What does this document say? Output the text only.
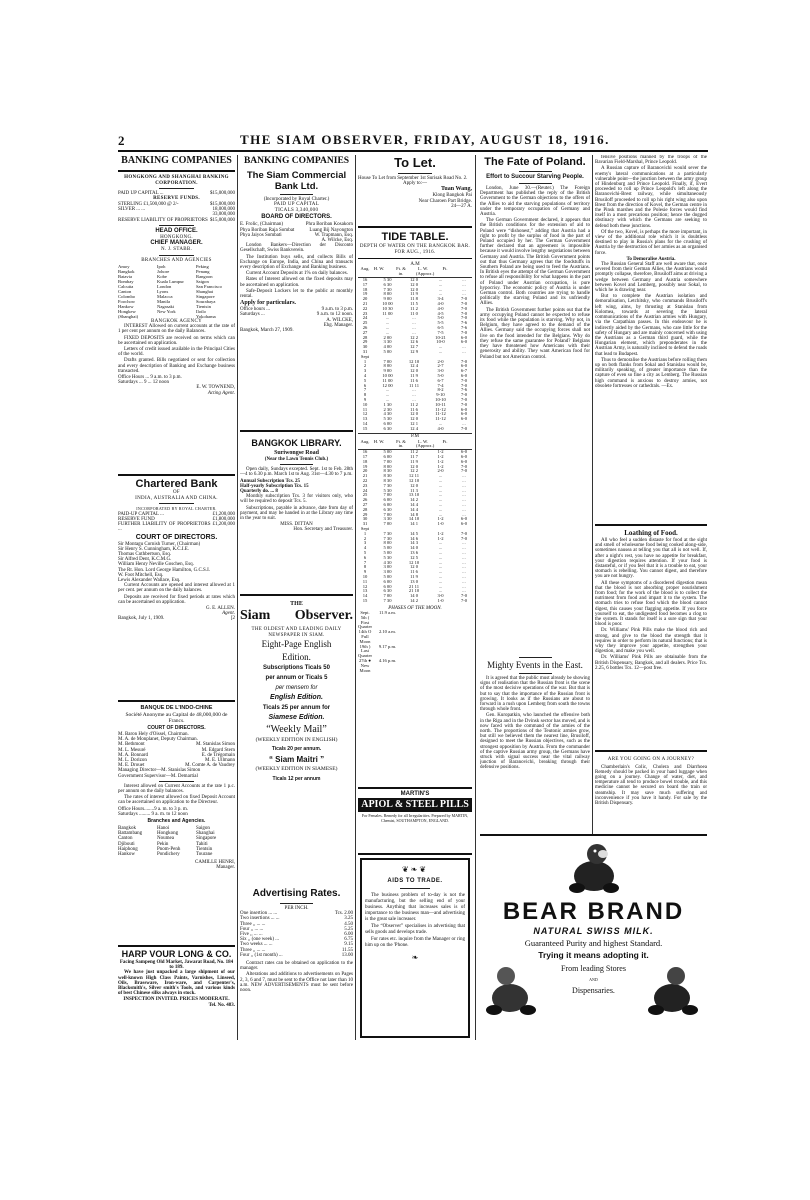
2	THE SIAM OBSERVER, FRIDAY, AUGUST 18, 1916.
BANKING COMPANIES
HONGKONG AND SHANGHAI BANKING CORPORATION.
PAID UP CAPITAL ...	$15,000,000
RESERVE FUNDS.
STERLING £1,500,000 @ 2/-	$15,000,000
SILVER ... ...	18,000,000
33,000,000
RESERVE LIABILITY OF PROPRIETORS $15,000,000
HEAD OFFICE.
HONGKONG.
CHIEF MANAGER.
N. J. STABB.
BRANCHES AND AGENCIES
Amoy	Ipoh	Peking
Bangkok	Johore	Penang
Batavia	Kobe	Rangoon
Bombay	Kuala Lumpur	Saigon
Calcutta	London	San Francisco
Canton	Lyons	Shanghai
Colombo	Malacca	Singapore
Foochow	Manila	Sourabaya
Hankow	Nagasaki	Tientsin
Hongkew	New York	Iloilo
(Shanghai)	Yokohama
BANGKOK AGENCY
INTEREST Allowed on current accounts at the rate of 1 per cent per annum on the daily Balances.
FIXED DEPOSITS are received on terms which can be ascertained on application.
Letters of credit issued available in the Principal Cities of the world.
Drafts granted. Bills negotiated or sent for collection and every description of Banking and Exchange business transacted.
Office Hours ... 9 a.m. to 3 p.m.
Saturdays ... 9 ... 12 noon
E. W. TOWNEND,
Acting Agent.
Chartered Bank
OF
INDIA, AUSTRALIA AND CHINA.
INCORPORATED BY ROYAL CHARTER.
PAID-UP CAPITAL ...	£1,200,000
RESERVE FUND	£1,800,000
FURTHER LIABILITY OF PROPRIETORS ...
£1,200,000
COURT OF DIRECTORS.
Sir Montagu Cornish Turner, (Chairman)
Sir Henry S. Cunningham, K.C.I.E.
Thomas Cuthbertson, Esq.
Sir Alfred Dent, K.C.M.G.
William Henry Neville Goschen, Esq.
The Rt. Hon. Lord George Hamilton, G.C.S.I.
W. Foot Mitchell, Esq.
Lewis Alexander Wallace, Esq.
Current Accounts are opened and interest allowed at 1 per cent. per annum on the daily balances.
Deposits are received for fixed periods at rates which can be ascertained on application.
G. E. ALLEN.
Agent.
Bangkok, July 1, 1909.	[2
BANQUE DE L'INDO-CHINE
Société Anonyme au Capital de 48,000,000 de Francs.
COURT OF DIRECTORS.
M. Baron Hely d'Oissel, Chairman.
M. A. de Monplanet, Deputy Chairman.
M. Bethmont	M. Stanislas Simon
M. L. Mesuré	M. Edgard Stern
M. A. Bonnard	E. de Trégomain
M. L. Dorizon	M. E. Ullmann
M. E. Drouet	M. Comte A. de Vaudrey
Managing Director—M. Stanislas Simon
Government Supervisor—M. Demartial
Interest allowed on Current Accounts at the rate 1 p.c. per annum on the daily balances.
The rates of interest allowed on fixed Deposit Account can be ascertained on application to the Directeur.
Office Hours........9 a. m. to 3 p. m.
Saturdays ......... 9 a. m. to 12 noon
Branches and Agencies.
Bangkok	Hanoi	Saigon
Battambang	Hongkong	Shanghai
Canton	Noumea	Singapore
Djibouti	Pekin	Tahiti
Haiphong	Pnom-Penh	Tientsin
Hankow	Pondichery	Tourane
CAMILLE HENRI,
Manager.
HARP VOUR LONG & CO.
Facing Sampeng Old Market, Jawarat Road, No. 184 to 189.
We have just unpacked a large shipment of our well-known High Class Paints, Varnishes, Linseed, Oils, Brassware, Iron-ware, and Carpenter's, Blacksmith's, Silver smith's Tools, and various kinds of best Chinese silks always in stock.
INSPECTION INVITED. PRICES MODERATE.
Tel. No. 483.
BANKING COMPANIES
The Siam Commercial Bank Ltd.
(Incorporated by Royal Charter.)
PAID UP CAPITAL
TICALS 3,340,000
BOARD OF DIRECTORS.
E. Frolic, (Chairman)	Phra Boriban Kosakorn
Phya Boriban Raja Sombat	Luang Bij Nayongton
Phya Jaiyos Sombati	W. Trapmann, Esq.
A. Wilcke, Esq.
London Bankers—Direction der Disconto Gesellschaft, Swiss Bankverein.
The Institution buys sells, and collects Bills of Exchange on Europe, India, and China and transacts every description of Exchange and Banking business.
Current Account Deposits at 1% on daily balances.
Rates of Interest allowed on the fixed deposits may be ascertained on application.
Safe-Deposit Lockers let to the public at monthly rental.
Apply for particulars.
Office hours ...	9 a.m. to 3 p.m.
Saturdays ...	9 a.m. to 12 noon.
A. WILCKE,
Ehg. Manager.
Bangkok, March 27, 1909.
BANGKOK LIBRARY.
Suriwongse Road
(Near the Lawn Tennis Club.)
Open daily, Sundays excepted. Sept. 1st to Feb. 28th—4 to 6.30 p.m. March 1st to Aug. 31st—4.30 to 7 p.m.
Annual Subscription Tcs. 25
Half-yearly Subscription Tcs. 15
Quarterly do. ... 8
Monthly subscription Tcs. 3 for visitors only, who will be required to deposit Tcs. 5.
Subscriptions, payable in advance, date from day of payment, and may be handed in at the Library any time in the year to suit.
MISS. DITTAN
Hon. Secretary and Treasurer.
THE
Siam Observer.
THE OLDEST AND LEADING DAILY
NEWSPAPER IN SIAM.
Eight-Page English
Edition.
Subscriptions Ticals 50
per annum or Ticals 5
per mensem for
English Edition.
Ticals 25 per annum for
Siamese Edition.
“Weekly Mail”
(WEEKLY EDITION IN ENGLISH)
Ticals 20 per annum.
“ Siam Maitri ”
(WEEKLY EDITION IN SIAMESE)
Ticals 12 per annum
Advertising Rates.
PER INCH.
One insertion ... ...	Tcs. 2.00
Two insertions ... ...	3.25
Three ,, ... ...	4.50
Four ,, ... ...	5.25
Five ,, ... ...	6.00
Six ,, (one week) ...	6.75
Two weeks ... ...	9.15
Three ,, ... ...	11.55
Four ,, (1st month) ...	13.00
Contract rates can be obtained on application to the manager.
Alterations and additions to advertisements on Pages 2, 3, 6 and 7, must be sent to the Office not later than 10 a.m. NEW ADVERTISEMENTS must be sent before noon.
To Let.
House To Let from September 1st Surisak Road No. 2.
Apply to:—
Tuan Wang,
Klong Bangkok Pai
Near Charoen Part Bridge.
24—27 A.
TIDE TABLE.
DEPTH OF WATER ON THE BANGKOK BAR.
FOR AUG., 1916.
A.M
Aug. H. W.	Ft. & in.
L. W. (Approx.)
Ft.
16	5 30	12 0	...	...
17	6 30	12 0	...	...
18	7 30	12 0	...	...
19	8 00	11 9	...	...
20	9 00	11 8	3-4	7-0
21	10 00	11 5	4-0	7-0
22	10 30	11 2	4-0	7-0
23	11 00	11 0	4-5	7-0
24	...	...	5-0	7-0
25	...	...	5-5	7-6
26	...	...	6-5	7-6
27	...	...	7-5	7-0
28	2 00	12 2	10-21	6-0
29	3 30	12 6	10-0	6-0
30	4 00	12 7	...	...
31	5 00	12 9	...	...
Sept
1	7 00	12 10	2-0	7-0
2	8 00	12 4	2-7	6-0
3	9 00	12 0	3-0	6-7
4	10 00	11 9	5-0	6-0
5	11 00	11 6	6-7	7-0
6	12 00	11 11	7-4	7-0
7	...	...	8-2	7-6
8	...	...	9-10	7-0
9	...	...	10-10	7-0
10	1 30	11 2	10-11	7-0
11	2 30	11 6	11-12	6-0
12	4 30	12 0	11-12	6-0
13	5 30	12 0	11-12	6-0
14	6 00	12 1	...	...
15	6 30	12 4	4-0	7-0
P.M
Aug. H. W.	Ft. & in.
L. W. (Approx.)
Ft.
16	5 00	11 2	1-2	6-0
17	6 00	11 7	1-2	6-0
18	7 00	11 9	1-2	6-0
19	8 00	12 0	1-2	7-0
20	8 30	12 2	2-0	7-0
21	8 30	12 11	...	...
22	8 30	12 10	...	...
23	7 30	12 0	...	...
24	5 30	11 3	...	...
25	7 00	13 10	...	...
26	6 00	14 2	...	...
27	6 00	14 4	...	...
28	6 30	14 4	...	...
29	7 00	14 8	...	...
30	3 30	14 10	1-2	6-0
31	7 00	14 1	1-0	6-0
Sept
1	7 30	14 5	1-2	7-0
2	7 30	14 6	1-2	7-0
3	8 00	14 3	...	...
4	5 00	14 0	...	...
5	5 00	13 6	...	...
6	5 30	12 5	...	...
7	4 30	12 10	...	...
8	3 00	12 0	...	...
9	3 00	11 6	...	...
10	5 00	11 9	...	...
11	6 00	13 0	...	...
12	6 00	21 11	...	...
13	6 30	21 10	...	...
14	7 00	14 0	3-0	7-0
15	7 30	14 2	1-0	7-0
PHASES OF THE MOON.
Sept. 5th ( First Quarter
11.9 a.m.
14th O Full Moon
2.10 a.m.
19th ) Last Quarter
9.17 p.m.
27th ● New Moon
4.16 p.m.
MARTIN'S
APIOL & STEEL PILLS
For Females. Remedy for all Irregularities. Prepared by MARTIN, Chemist, SOUTHAMPTON, ENGLAND.
❦❧❦
AIDS TO TRADE.
The business problem of to-day is not the manufacturing, but the selling end of your business. Anything that increases sales is of importance to the business man—and advertising is the great sale increaser.
The “Observer” specialises in advertising that sells goods and develops trade.
For rates etc. inquire from the Manager or ring him up on the 'Phone.
❧
The Fate of Poland.
Effort to Succour Starving People.
London, June 30.—(Reuter.) The Foreign Department has published the reply of the British Government to the German objections to the offers of the Allies to aid the starving populations of territory under the temporary occupation of Germany and Austria.
The German Government declared, it appears that the British conditions for the extension of aid to Poland were “dishonest,” adding that Austria had a right to profit by the surplus of food in the part of Poland occupied by her. The German Government further declared that an agreement is impossible because it would involve lengthy negotiations between Germany and Austria. The British Government points out that thus Germany agrees that the foodstuffs in Southern Poland are being used to feed the Austrians. In British eyes the attempt of the German Government to refuse all responsibility for what happens in the part of Poland under Austrian occupation, is pure hypocrisy. The economic policy of Austria is under German control. Both countries are trying to handle politically the starving Poland and its unfriendly Allies.
The British Government further points out that the army occupying Poland cannot be expected to refuse its food while the population is starving. Why not, in Belgium, they have agreed to the demand of the Allies. Germany said the occupying forces shall not live on the food intended for the Belgians. Why do they refuse the same guarantee for Poland? Belgians they have threatened how Americans with their generosity and ability. They want American food for Poland but not American control.
Mighty Events in the East.
It is agreed that the public must already be showing signs of realisation that the Russian front is the scene of the most decisive operations of the war. But that is but to say that the importance of the Russian front is growing. It looks as if the Russians are about to forward in a rush upon Lemberg from south the towns through whole front.
Gen. Kuropatkin, who launched the offensive both in the Riga and in the Dvinsk sector has moved, and is now faced with the command of the armies of the north. The proportions of the Teutonic armies grow, but still we believed them the nearest line, Brusiloff, designed to meet the Russian objectives, such as the strongest opposition by Austria. From the commander of the captive Russian army group, the Germans have struck with signal success near the vital railway junction of Baranovichi, breaking through their defensive positions.
fensive positions manned by the troops of the Bavarian Field-Marshal, Prince Leopold.
A Russian capture of Baranovichi would sever the enemy's lateral communications at a particularly vulnerable point—the junction between the army group of Hindenburg and Prince Leopold. Finally, if, Evert proceeded to roll up Prince Leopold's left along the Baranovichi-Brest railway, while simultaneously Brusiloff proceeded to roll up his right wing also upon Brest from the direction of Kovel, the German centre in the Pinsk marshes and the Polesie forces would find itself in a most precarious position; hence the dogged obstinacy with which the Germans are seeking to defend both these junctions.
Of the two, Kovel, is perhaps the more important, in view of the additional role which it is doubtless destined to play in Russia's plans for the crushing of Austria by the destruction of her armies as an organised force.
To Demoralise Austria.
The Russian General Staff are well aware that, once severed from their German Allies, the Austrians would promptly collapse, therefore, Brusiloff aims at driving a wedge between Germany and Austria somewhere between Kovel and Lemberg, possibly near Sokal, to which he is drawing near.
But to complete the Austrian isolation and demoralisation, Letchitsky, who commands Brusiloff's left wing, aims, by thrusting at Stanislau from Kolomea, towards at severing the lateral communications of the Austrian armies with Hungary, via the Carpathian passes. In this endeavour he is indirectly aided by the Germans, who care little for the safety of Hungary and are mainly concerned with using the Austrians as a German third guard, while the Hungarian element, which preponderates in the Austrian Army, is naturally inclined to defend the roads that lead to Budapest.
Thus to demoralise the Austrians before rolling them up on both flanks from Sokal and Stanislau would be, militarily speaking, of greater importance than the capture of even so fine a city as Lemberg. The Russian high command is anxious to destroy armies, not obsolete fortresses or cathedrals. —Ex.
Loathing of Food.
All who feel a sudden distaste for food at the sight and smell of wholesome food being cooked along-side, sometimes nausea at telling you that all is not well. If, after a night's rest, you have no appetite for breakfast, your digestion requires attention. If your food is distasteful, or if you feel that it is a trouble to eat, your stomach is rebelling. You cannot digest, and therefore you are not hungry.
All these symptoms of a disordered digestion mean that the blood is not absorbing proper nourishment from food; for the work of the blood is to collect the nutriment from food and impart it to the system. The stomach tries to refuse food which the blood cannot digest, this causes your flagging appetite. If you force yourself to eat, the undigested food becomes a clog to the system. It stands for itself is a sure sign that your blood is poor.
Dr. Williams' Pink Pills make the blood rich and strong, and give to the blood the strength that it requires in order to perform its natural functions; that is why they improve your appetite, strengthen your digestion, and make you well.
Dr. Williams' Pink Pills are obtainable from the British Dispensary, Bangkok, and all dealers. Price Tcs. 2.25, 6 bottles Tcs. 12—post free.
ARE YOU GOING ON A JOURNEY?
Chamberlain's Colic, Cholera and Diarrhoea Remedy should be packed in your hand luggage when going on a journey. Change of water, diet, and temperature all tend to produce bowel trouble, and this medicine cannot be secured on board the train or steamship. It may save much suffering and inconvenience if you have it handy. For sale by the British Dispensary.
BEAR BRAND
NATURAL SWISS MILK.
Guaranteed Purity and highest Standard.
Trying it means adopting it.
From leading Stores
AND
Dispensaries.
